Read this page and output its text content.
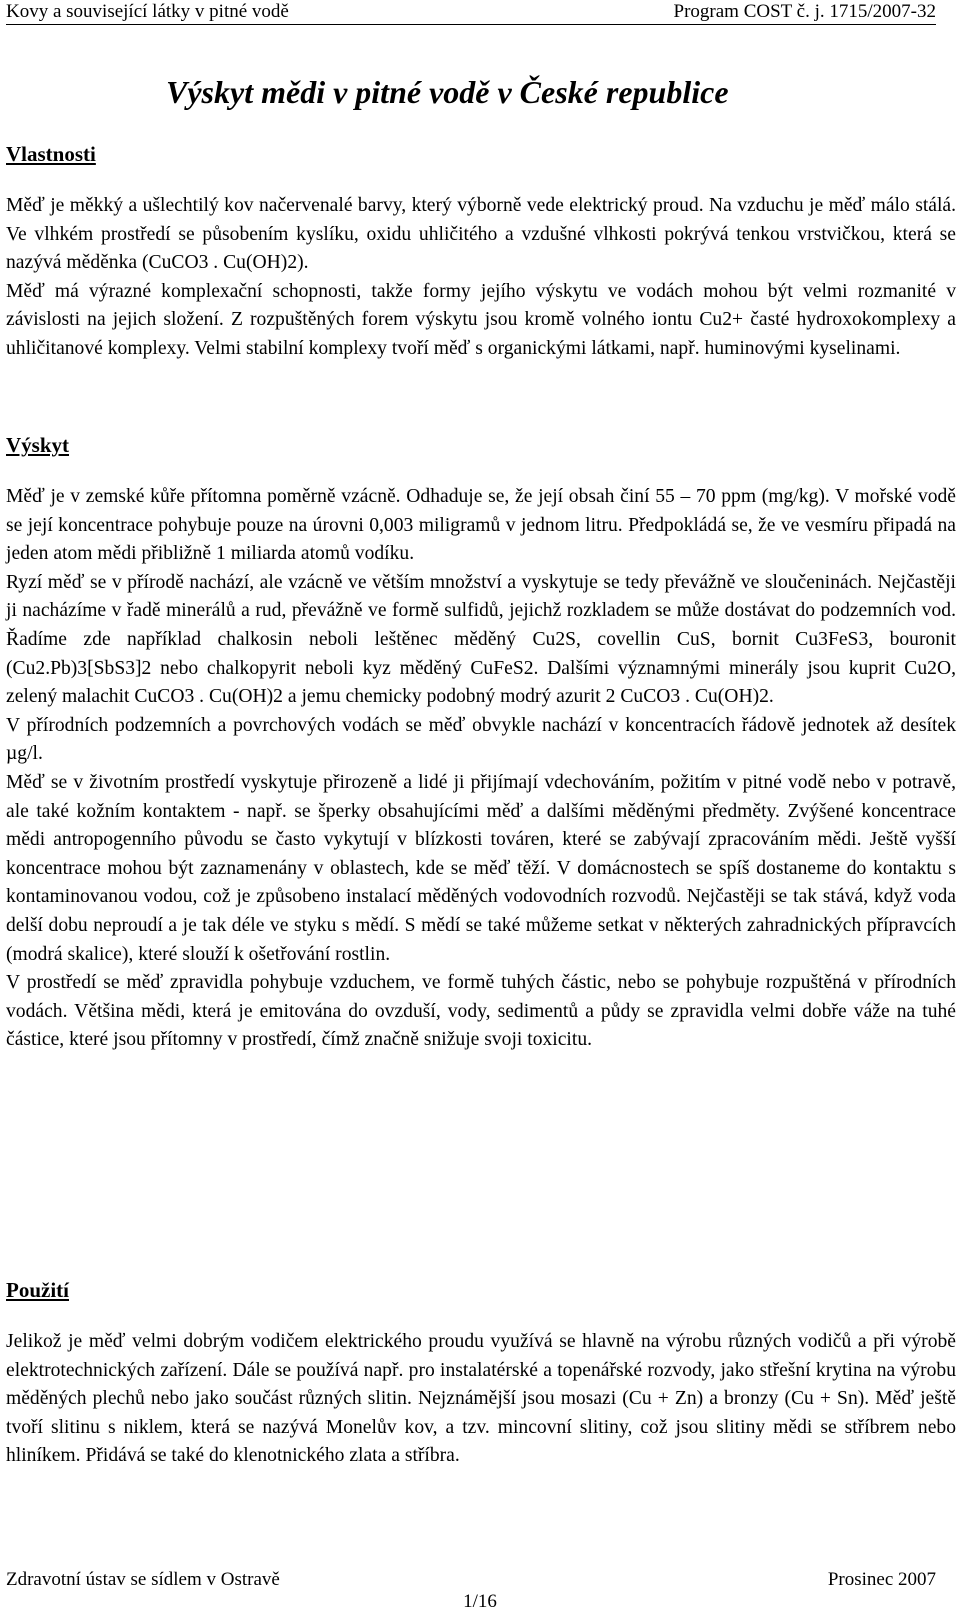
Kovy a související látky v pitné vodě	Program COST č. j. 1715/2007-32
Výskyt mědi v pitné vodě v České republice
Vlastnosti

Měď je měkký a ušlechtilý kov načervenalé barvy, který výborně vede elektrický proud. Na vzduchu je měď málo stálá. Ve vlhkém prostředí se působením kyslíku, oxidu uhličitého a vzdušné vlhkosti pokrývá tenkou vrstvičkou, která se nazývá měděnka (CuCO3 . Cu(OH)2).

Měď má výrazné komplexační schopnosti, takže formy jejího výskytu ve vodách mohou být velmi rozmanité v závislosti na jejich složení. Z rozpuštěných forem výskytu jsou kromě volného iontu Cu2+ časté hydroxokomplexy a uhličitanové komplexy. Velmi stabilní komplexy tvoří měď s organickými látkami, např. huminovými kyselinami.

Výskyt

Měď je v zemské kůře přítomna poměrně vzácně. Odhaduje se, že její obsah činí 55 – 70 ppm (mg/kg). V mořské vodě se její koncentrace pohybuje pouze na úrovni 0,003 miligramů v jednom litru. Předpokládá se, že ve vesmíru připadá na jeden atom mědi přibližně 1 miliarda atomů vodíku.

Ryzí měď se v přírodě nachází, ale vzácně ve větším množství a vyskytuje se tedy převážně ve sloučeninách. Nejčastěji ji nacházíme v řadě minerálů a rud, převážně ve formě sulfidů, jejichž rozkladem se může dostávat do podzemních vod. Řadíme zde například chalkosin neboli leštěnec měděný Cu2S, covellin CuS, bornit Cu3FeS3, bouronit (Cu2.Pb)3[SbS3]2 nebo chalkopyrit neboli kyz měděný CuFeS2. Dalšími významnými minerály jsou kuprit Cu2O, zelený malachit CuCO3 . Cu(OH)2 a jemu chemicky podobný modrý azurit 2 CuCO3 . Cu(OH)2.

V přírodních podzemních a povrchových vodách se měď obvykle nachází v koncentracích řádově jednotek až desítek µg/l.

Měď se v životním prostředí vyskytuje přirozeně a lidé ji přijímají vdechováním, požitím v pitné vodě nebo v potravě, ale také kožním kontaktem - např. se šperky obsahujícími měď a dalšími měděnými předměty. Zvýšené koncentrace mědi antropogenního původu se často vykytují v blízkosti továren, které se zabývají zpracováním mědi. Ještě vyšší koncentrace mohou být zaznamenány v oblastech, kde se měď těží. V domácnostech se spíš dostaneme do kontaktu s kontaminovanou vodou, což je způsobeno instalací měděných vodovodních rozvodů. Nejčastěji se tak stává, když voda delší dobu neproudí a je tak déle ve styku s mědí. S mědí se také můžeme setkat v některých zahradnických přípravcích (modrá skalice), které slouží k ošetřování rostlin.

V prostředí se měď zpravidla pohybuje vzduchem, ve formě tuhých částic, nebo se pohybuje rozpuštěná v přírodních vodách. Většina mědi, která je emitována do ovzduší, vody, sedimentů a půdy se zpravidla velmi dobře váže na tuhé částice, které jsou přítomny v prostředí, čímž značně snižuje svoji toxicitu.

Použití

Jelikož je měď velmi dobrým vodičem elektrického proudu využívá se hlavně na výrobu různých vodičů a při výrobě elektrotechnických zařízení. Dále se používá např. pro instalatérské a topenářské rozvody, jako střešní krytina na výrobu měděných plechů nebo jako součást různých slitin. Nejznámější jsou mosazi (Cu + Zn) a bronzy (Cu + Sn). Měď ještě tvoří slitinu s niklem, která se nazývá Monelův kov, a tzv. mincovní slitiny, což jsou slitiny mědi se stříbrem nebo hliníkem. Přidává se také do klenotnického zlata a stříbra.

Zdravotní ústav se sídlem v Ostravě	Prosinec 2007
1/16
